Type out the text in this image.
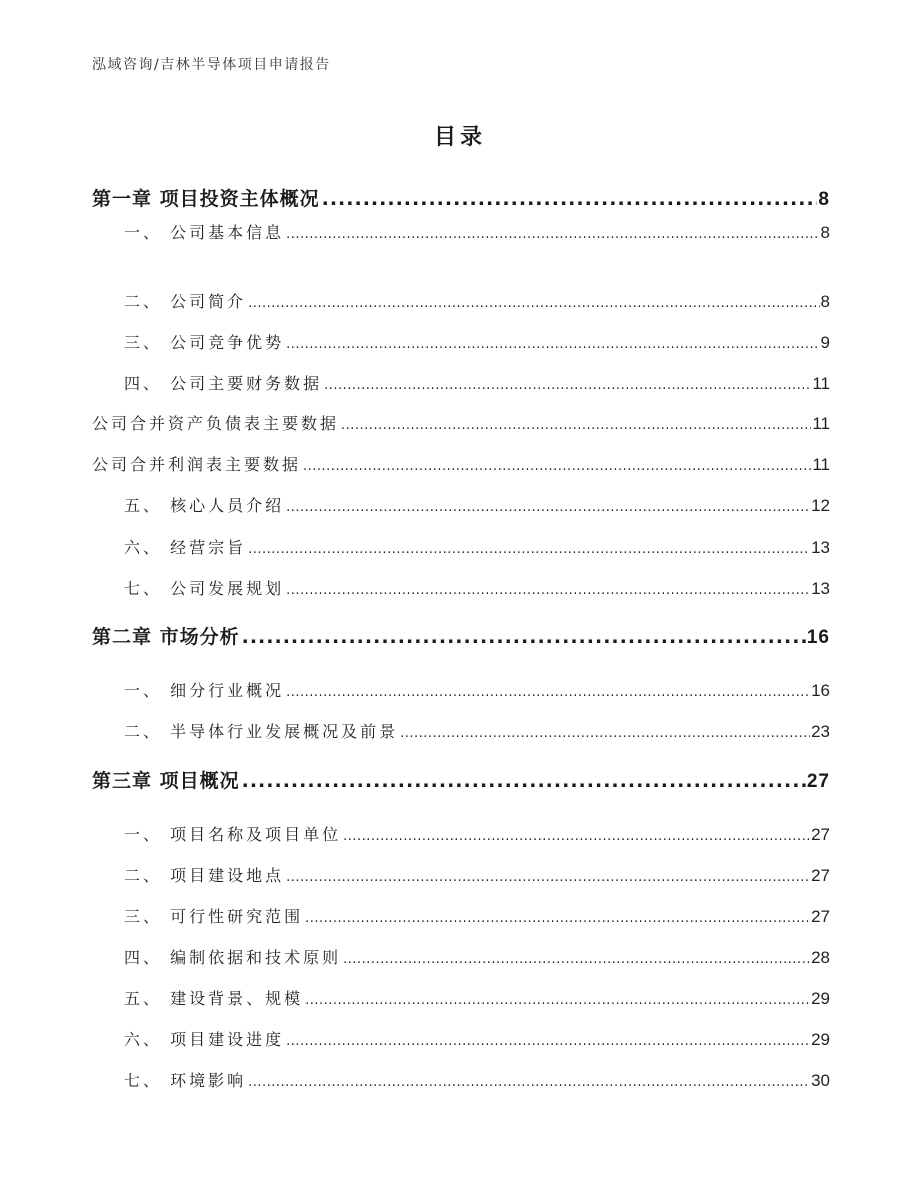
泓域咨询/吉林半导体项目申请报告
目录
第一章 项目投资主体概况 .....	8
一、 公司基本信息 .....	8
二、 公司简介 .....	8
三、 公司竞争优势 .....	9
四、 公司主要财务数据 .....	11
公司合并资产负债表主要数据 .....	11
公司合并利润表主要数据 .....	11
五、 核心人员介绍 .....	12
六、 经营宗旨 .....	13
七、 公司发展规划 .....	13
第二章 市场分析 .....	16
一、 细分行业概况 .....	16
二、 半导体行业发展概况及前景 .....	23
第三章 项目概况 .....	27
一、 项目名称及项目单位 .....	27
二、 项目建设地点 .....	27
三、 可行性研究范围 .....	27
四、 编制依据和技术原则 .....	28
五、 建设背景、规模 .....	29
六、 项目建设进度 .....	29
七、 环境影响 .....	30
